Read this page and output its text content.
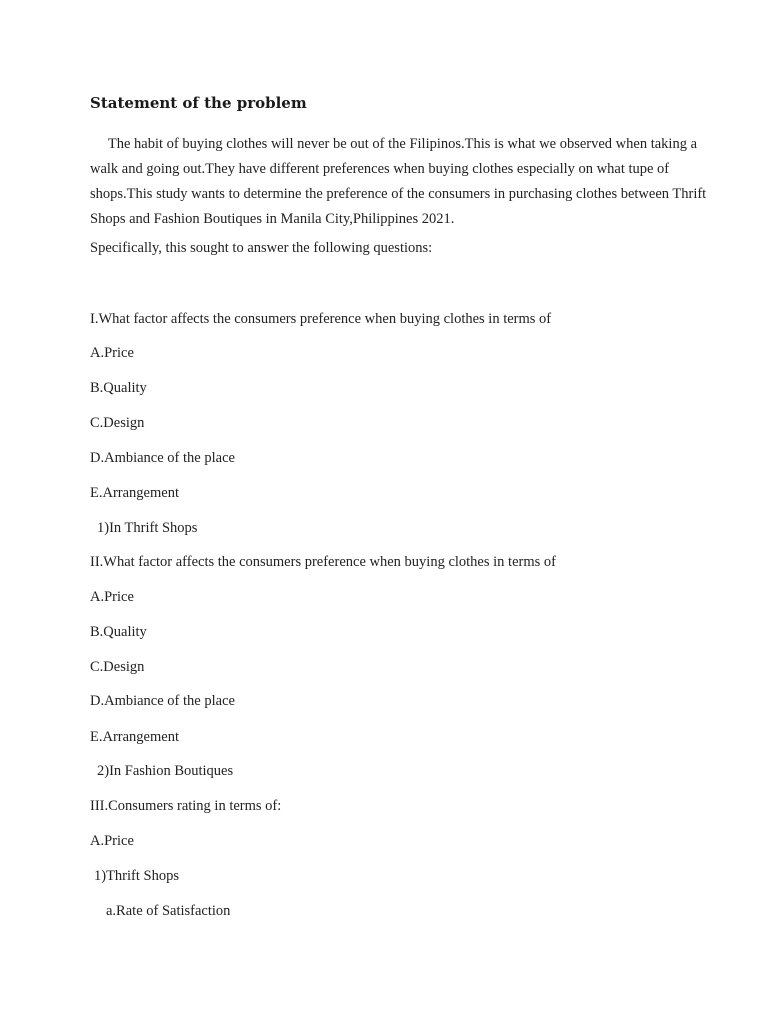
Statement of the problem
The habit of buying clothes will never be out of the Filipinos.This is what we observed when taking a
walk and going out.They have different preferences when buying clothes especially on what tupe of
shops.This study wants to determine the preference of the consumers in purchasing clothes between Thrift
Shops and Fashion Boutiques in Manila City,Philippines 2021.

Specifically, this sought to answer the following questions:

I.What factor affects the consumers preference when buying clothes in terms of

A.Price

B.Quality

C.Design

D.Ambiance of the place

E.Arrangement

1)In Thrift Shops

II.What factor affects the consumers preference when buying clothes in terms of

A.Price

B.Quality

C.Design

D.Ambiance of the place

E.Arrangement

2)In Fashion Boutiques

III.Consumers rating in terms of:

A.Price

1)Thrift Shops

a.Rate of Satisfaction
